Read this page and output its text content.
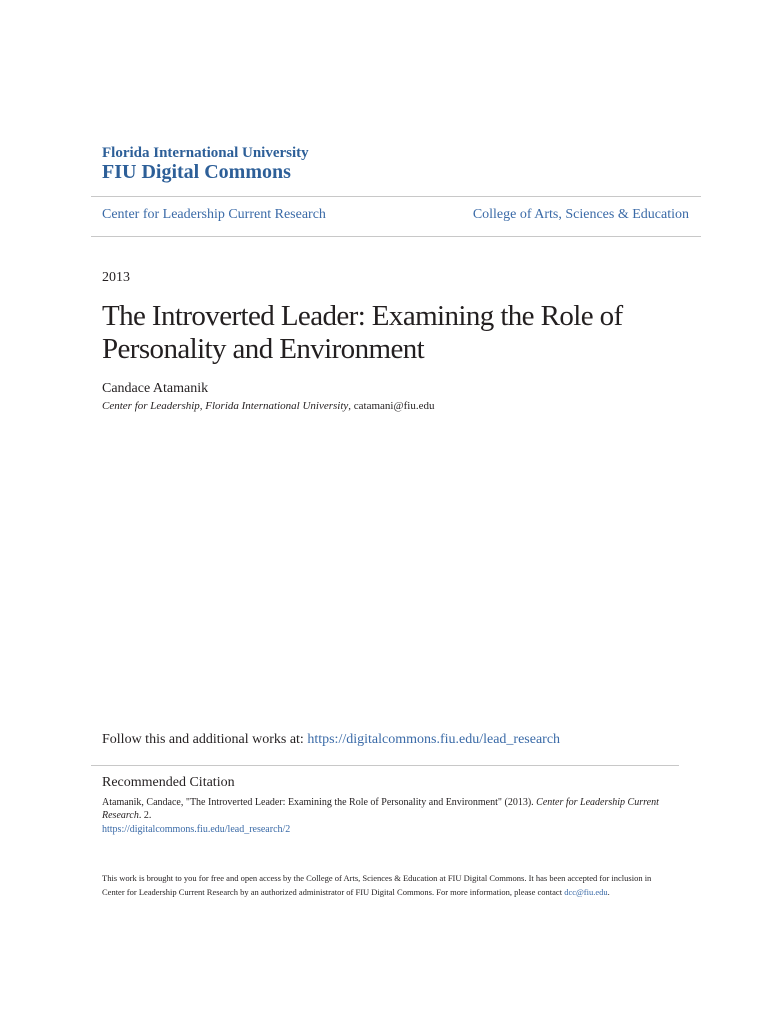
Florida International University
FIU Digital Commons
Center for Leadership Current Research	College of Arts, Sciences & Education
2013
The Introverted Leader: Examining the Role of Personality and Environment
Candace Atamanik
Center for Leadership, Florida International University, catamani@fiu.edu
Follow this and additional works at: https://digitalcommons.fiu.edu/lead_research
Recommended Citation
Atamanik, Candace, "The Introverted Leader: Examining the Role of Personality and Environment" (2013). Center for Leadership Current Research. 2.
https://digitalcommons.fiu.edu/lead_research/2
This work is brought to you for free and open access by the College of Arts, Sciences & Education at FIU Digital Commons. It has been accepted for inclusion in Center for Leadership Current Research by an authorized administrator of FIU Digital Commons. For more information, please contact dcc@fiu.edu.
